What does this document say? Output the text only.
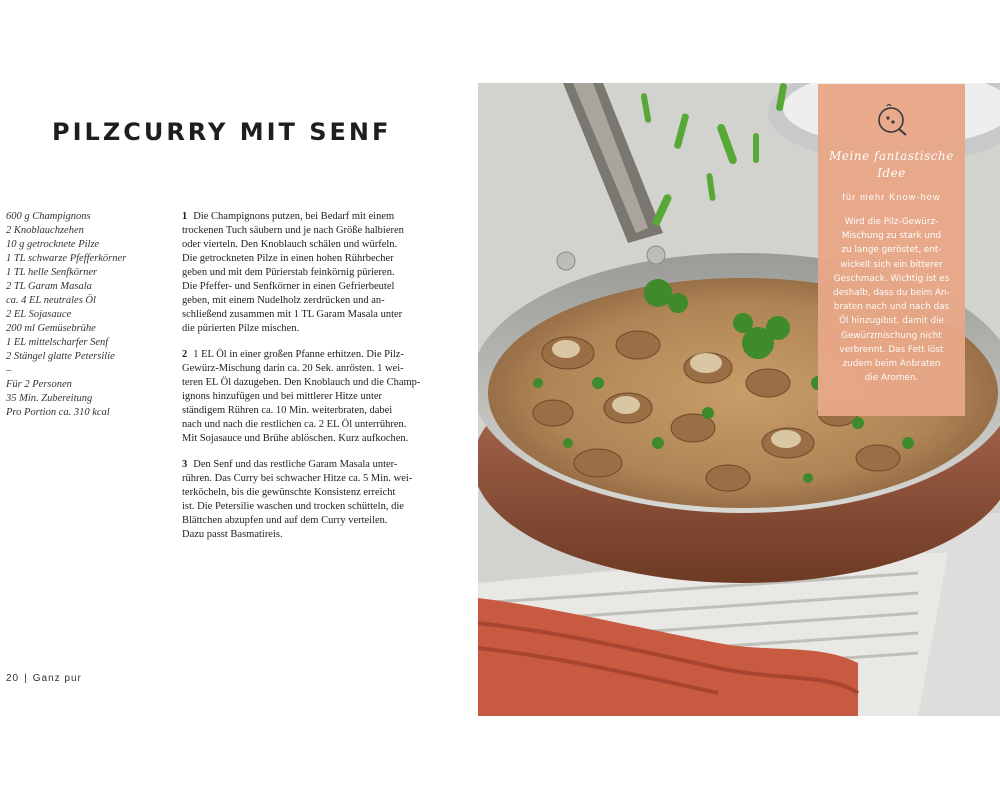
PILZCURRY MIT SENF
600 g Champignons
2 Knoblauchzehen
10 g getrocknete Pilze
1 TL schwarze Pfefferkörner
1 TL helle Senfkörner
2 TL Garam Masala
ca. 4 EL neutrales Öl
2 EL Sojasauce
200 ml Gemüsebrühe
1 EL mittelscharfer Senf
2 Stängel glatte Petersilie
–
Für 2 Personen
35 Min. Zubereitung
Pro Portion ca. 310 kcal

1 Die Champignons putzen, bei Bedarf mit einem
trockenen Tuch säubern und je nach Größe halbieren
oder vierteln. Den Knoblauch schälen und würfeln.
Die getrockneten Pilze in einen hohen Rührbecher
geben und mit dem Pürierstab feinkörnig pürieren.
Die Pfeffer- und Senfkörner in einen Gefrierbeutel
geben, mit einem Nudelholz zerdrücken und an-
schließend zusammen mit 1 TL Garam Masala unter
die pürierten Pilze mischen.

2 1 EL Öl in einer großen Pfanne erhitzen. Die Pilz-
Gewürz-Mischung darin ca. 20 Sek. anrösten. 1 wei-
teren EL Öl dazugeben. Den Knoblauch und die Champ-
ignons hinzufügen und bei mittlerer Hitze unter
ständigem Rühren ca. 10 Min. weiterbraten, dabei
nach und nach die restlichen ca. 2 EL Öl unterrühren.
Mit Sojasauce und Brühe ablöschen. Kurz aufkochen.

3 Den Senf und das restliche Garam Masala unter-
rühren. Das Curry bei schwacher Hitze ca. 5 Min. wei-
terköcheln, bis die gewünschte Konsistenz erreicht
ist. Die Petersilie waschen und trocken schütteln, die
Blättchen abzupfen und auf dem Curry verteilen.
Dazu passt Basmatireis.

20 | Ganz pur
Meine fantastische
Idee
für mehr Know-how
Wird die Pilz-Gewürz-
Mischung zu stark und
zu lange geröstet, ent-
wickelt sich ein bitterer
Geschmack. Wichtig ist es
deshalb, dass du beim An-
braten nach und nach das
Öl hinzugibst, damit die
Gewürzmischung nicht
verbrennt. Das Fett löst
zudem beim Anbraten
die Aromen.
